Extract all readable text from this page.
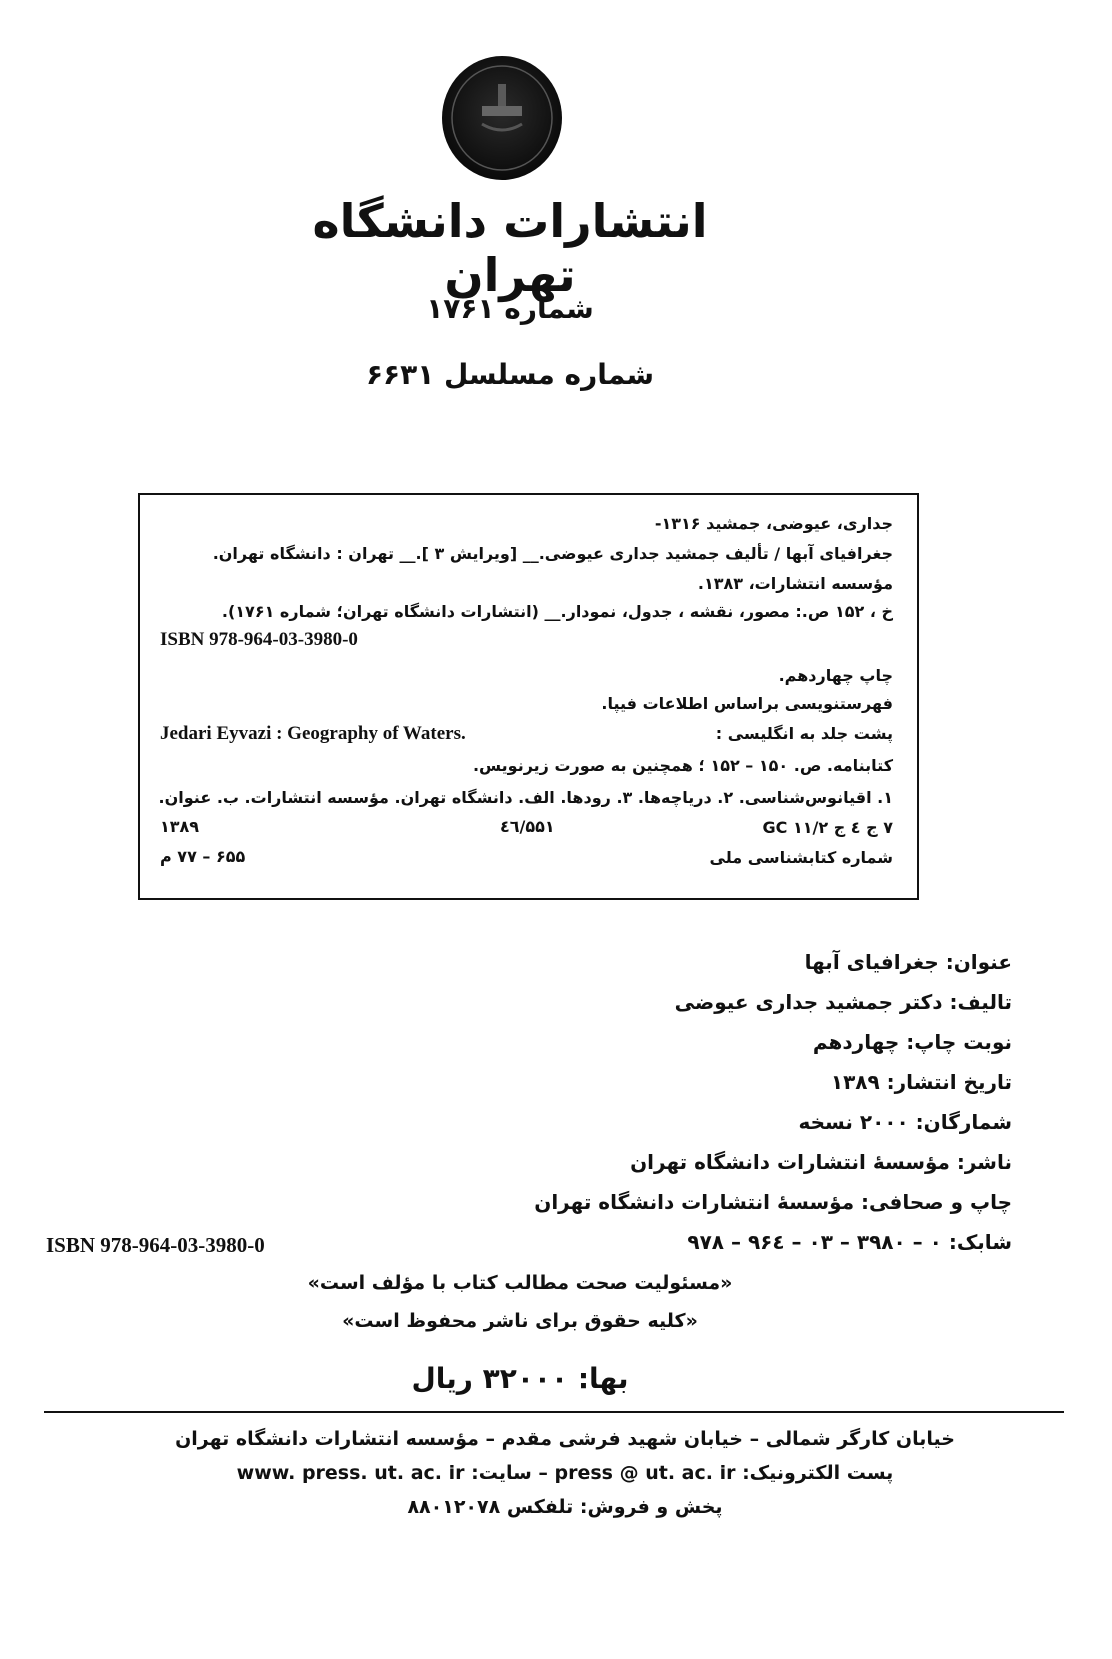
انتشارات دانشگاه تهران
شماره ۱۷۶۱
شماره مسلسل ۶۶۳۱
جداری، عیوضی، جمشید ۱۳۱۶-
جغرافیای آبها / تألیف جمشید جداری عیوضی.__ [ویرایش ۳ ].__ تهران : دانشگاه تهران.
مؤسسه انتشارات، ۱۳۸۳.
خ ، ۱۵۲ ص.: مصور، نقشه ، جدول، نمودار.__ (انتشارات دانشگاه تهران؛ شماره ۱۷۶۱).
ISBN 978-964-03-3980-0
چاپ چهاردهم.
فهرستنویسی براساس اطلاعات فیپا.
پشت جلد به انگلیسی :
Jedari Eyvazi : Geography of Waters.
کتابنامه. ص. ۱۵۰ – ۱۵۲ ؛ همچنین به صورت زیرنویس.
۱. اقیانوس‌شناسی. ۲. دریاچه‌ها. ۳. رودها. الف. دانشگاه تهران. مؤسسه انتشارات. ب. عنوان.
۷ ج ٤ ج ۱۱/۲ GC
۵۵۱/٤٦
۱۳۸۹
شماره کتابشناسی ملی
۶۵۵ – ۷۷ م
عنوان: جغرافیای آبها
تالیف: دکتر جمشید جداری عیوضی
نوبت چاپ: چهاردهم
تاریخ انتشار: ۱۳۸۹
شمارگان: ۲۰۰۰ نسخه
ناشر: مؤسسهٔ انتشارات دانشگاه تهران
چاپ و صحافی: مؤسسهٔ انتشارات دانشگاه تهران
شابک: ۰ – ۳۹۸۰ – ۰۳ – ۹۶٤ – ۹۷۸
ISBN 978-964-03-3980-0
«مسئولیت صحت مطالب کتاب با مؤلف است»
«کلیه حقوق برای ناشر محفوظ است»
بها: ۳۲۰۰۰ ریال
خیابان کارگر شمالی – خیابان شهید فرشی مقدم – مؤسسه انتشارات دانشگاه تهران
پست الکترونیک: press @ ut. ac. ir – سایت: www. press. ut. ac. ir
پخش و فروش: تلفکس ۸۸۰۱۲۰۷۸
